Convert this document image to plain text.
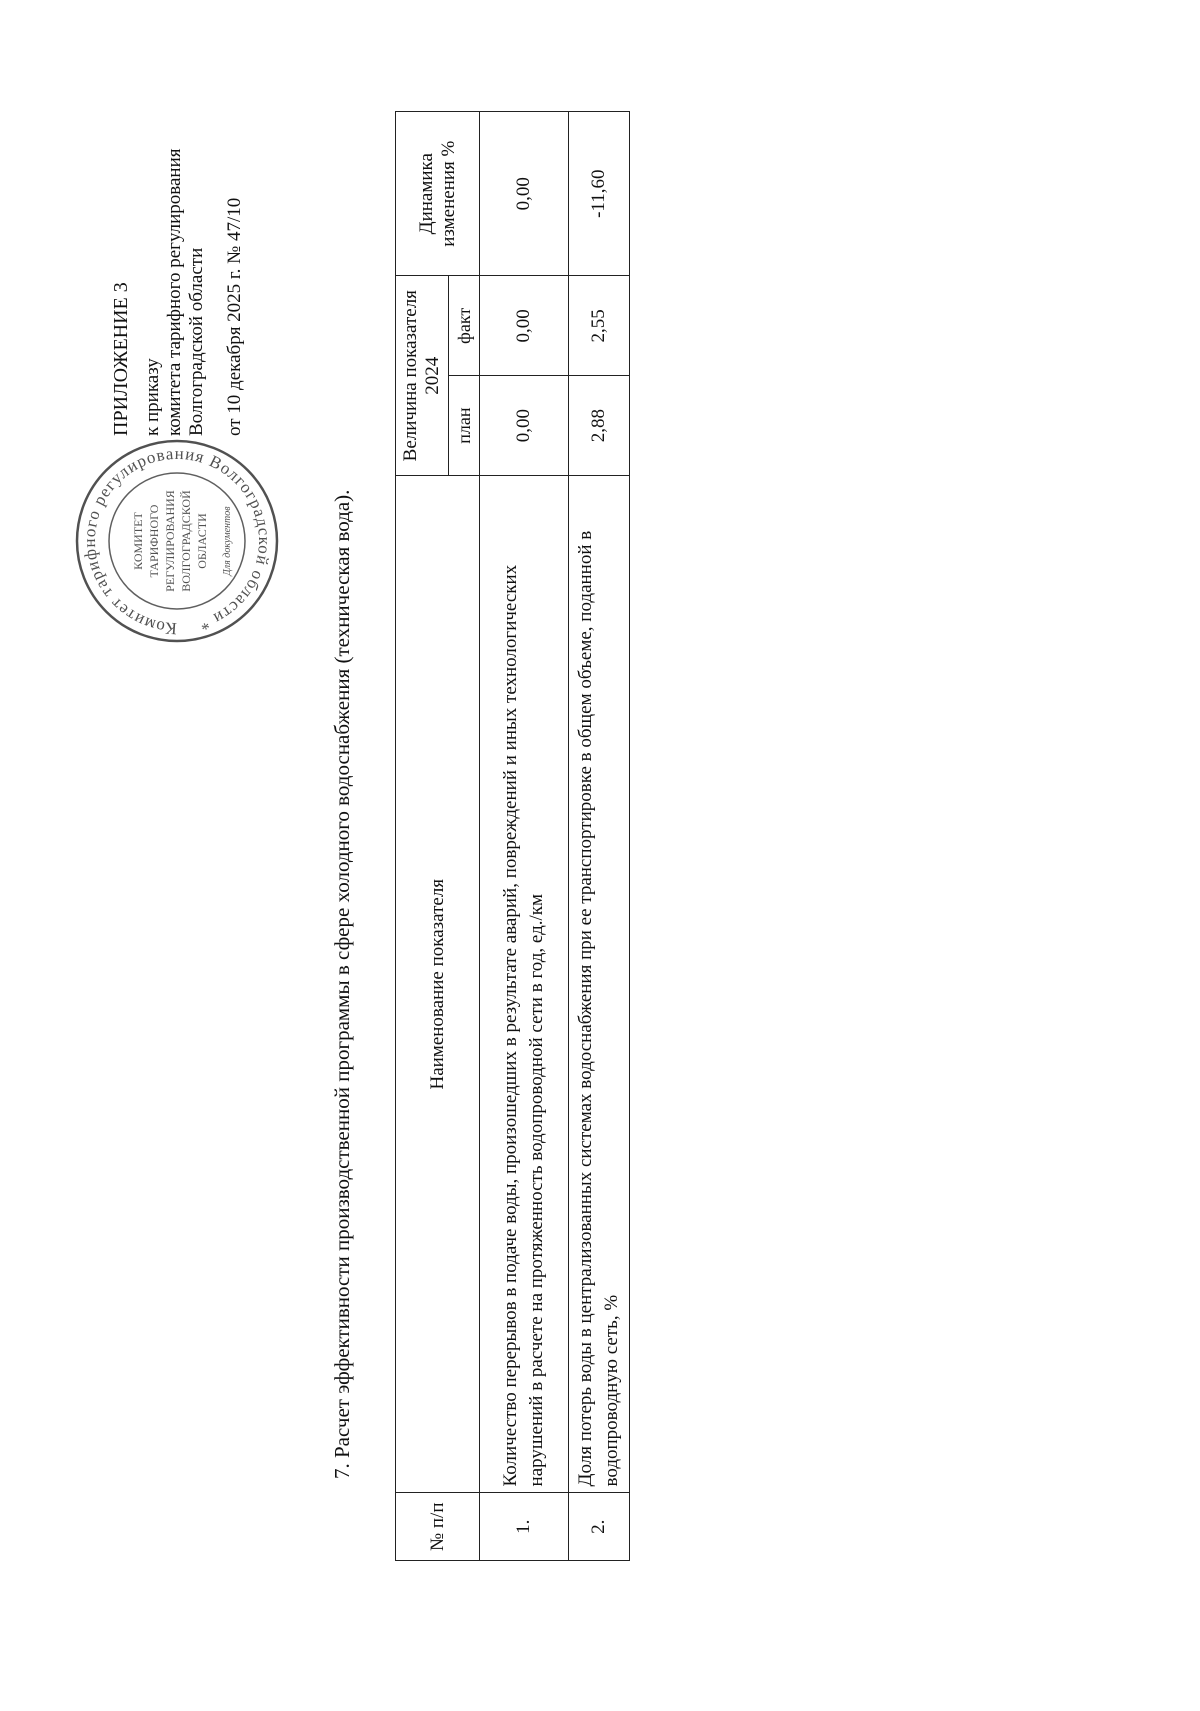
Комитет тарифного регулирования Волгоградской области *
КОМИТЕТ ТАРИФНОГО РЕГУЛИРОВАНИЯ ВОЛГОГРАДСКОЙ ОБЛАСТИ Для документов
ПРИЛОЖЕНИЕ 3 к приказу комитета тарифного регулирования Волгоградской области от 10 декабря 2025 г. № 47/10
7. Расчет эффективности производственной программы в сфере холодного водоснабжения (техническая вода).
№ п/п	Наименование показателя	Величина показателя 2024		Динамика изменения %
		план	факт	
1.	Количество перерывов в подаче воды, произошедших в результате аварий, повреждений и иных технологических нарушений в расчете на протяженность водопроводной сети в год, ед./км	0,00	0,00	0,00
2.	Доля потерь воды в централизованных системах водоснабжения при ее транспортировке в общем объеме, поданной в водопроводную сеть, %	2,88	2,55	-11,60
